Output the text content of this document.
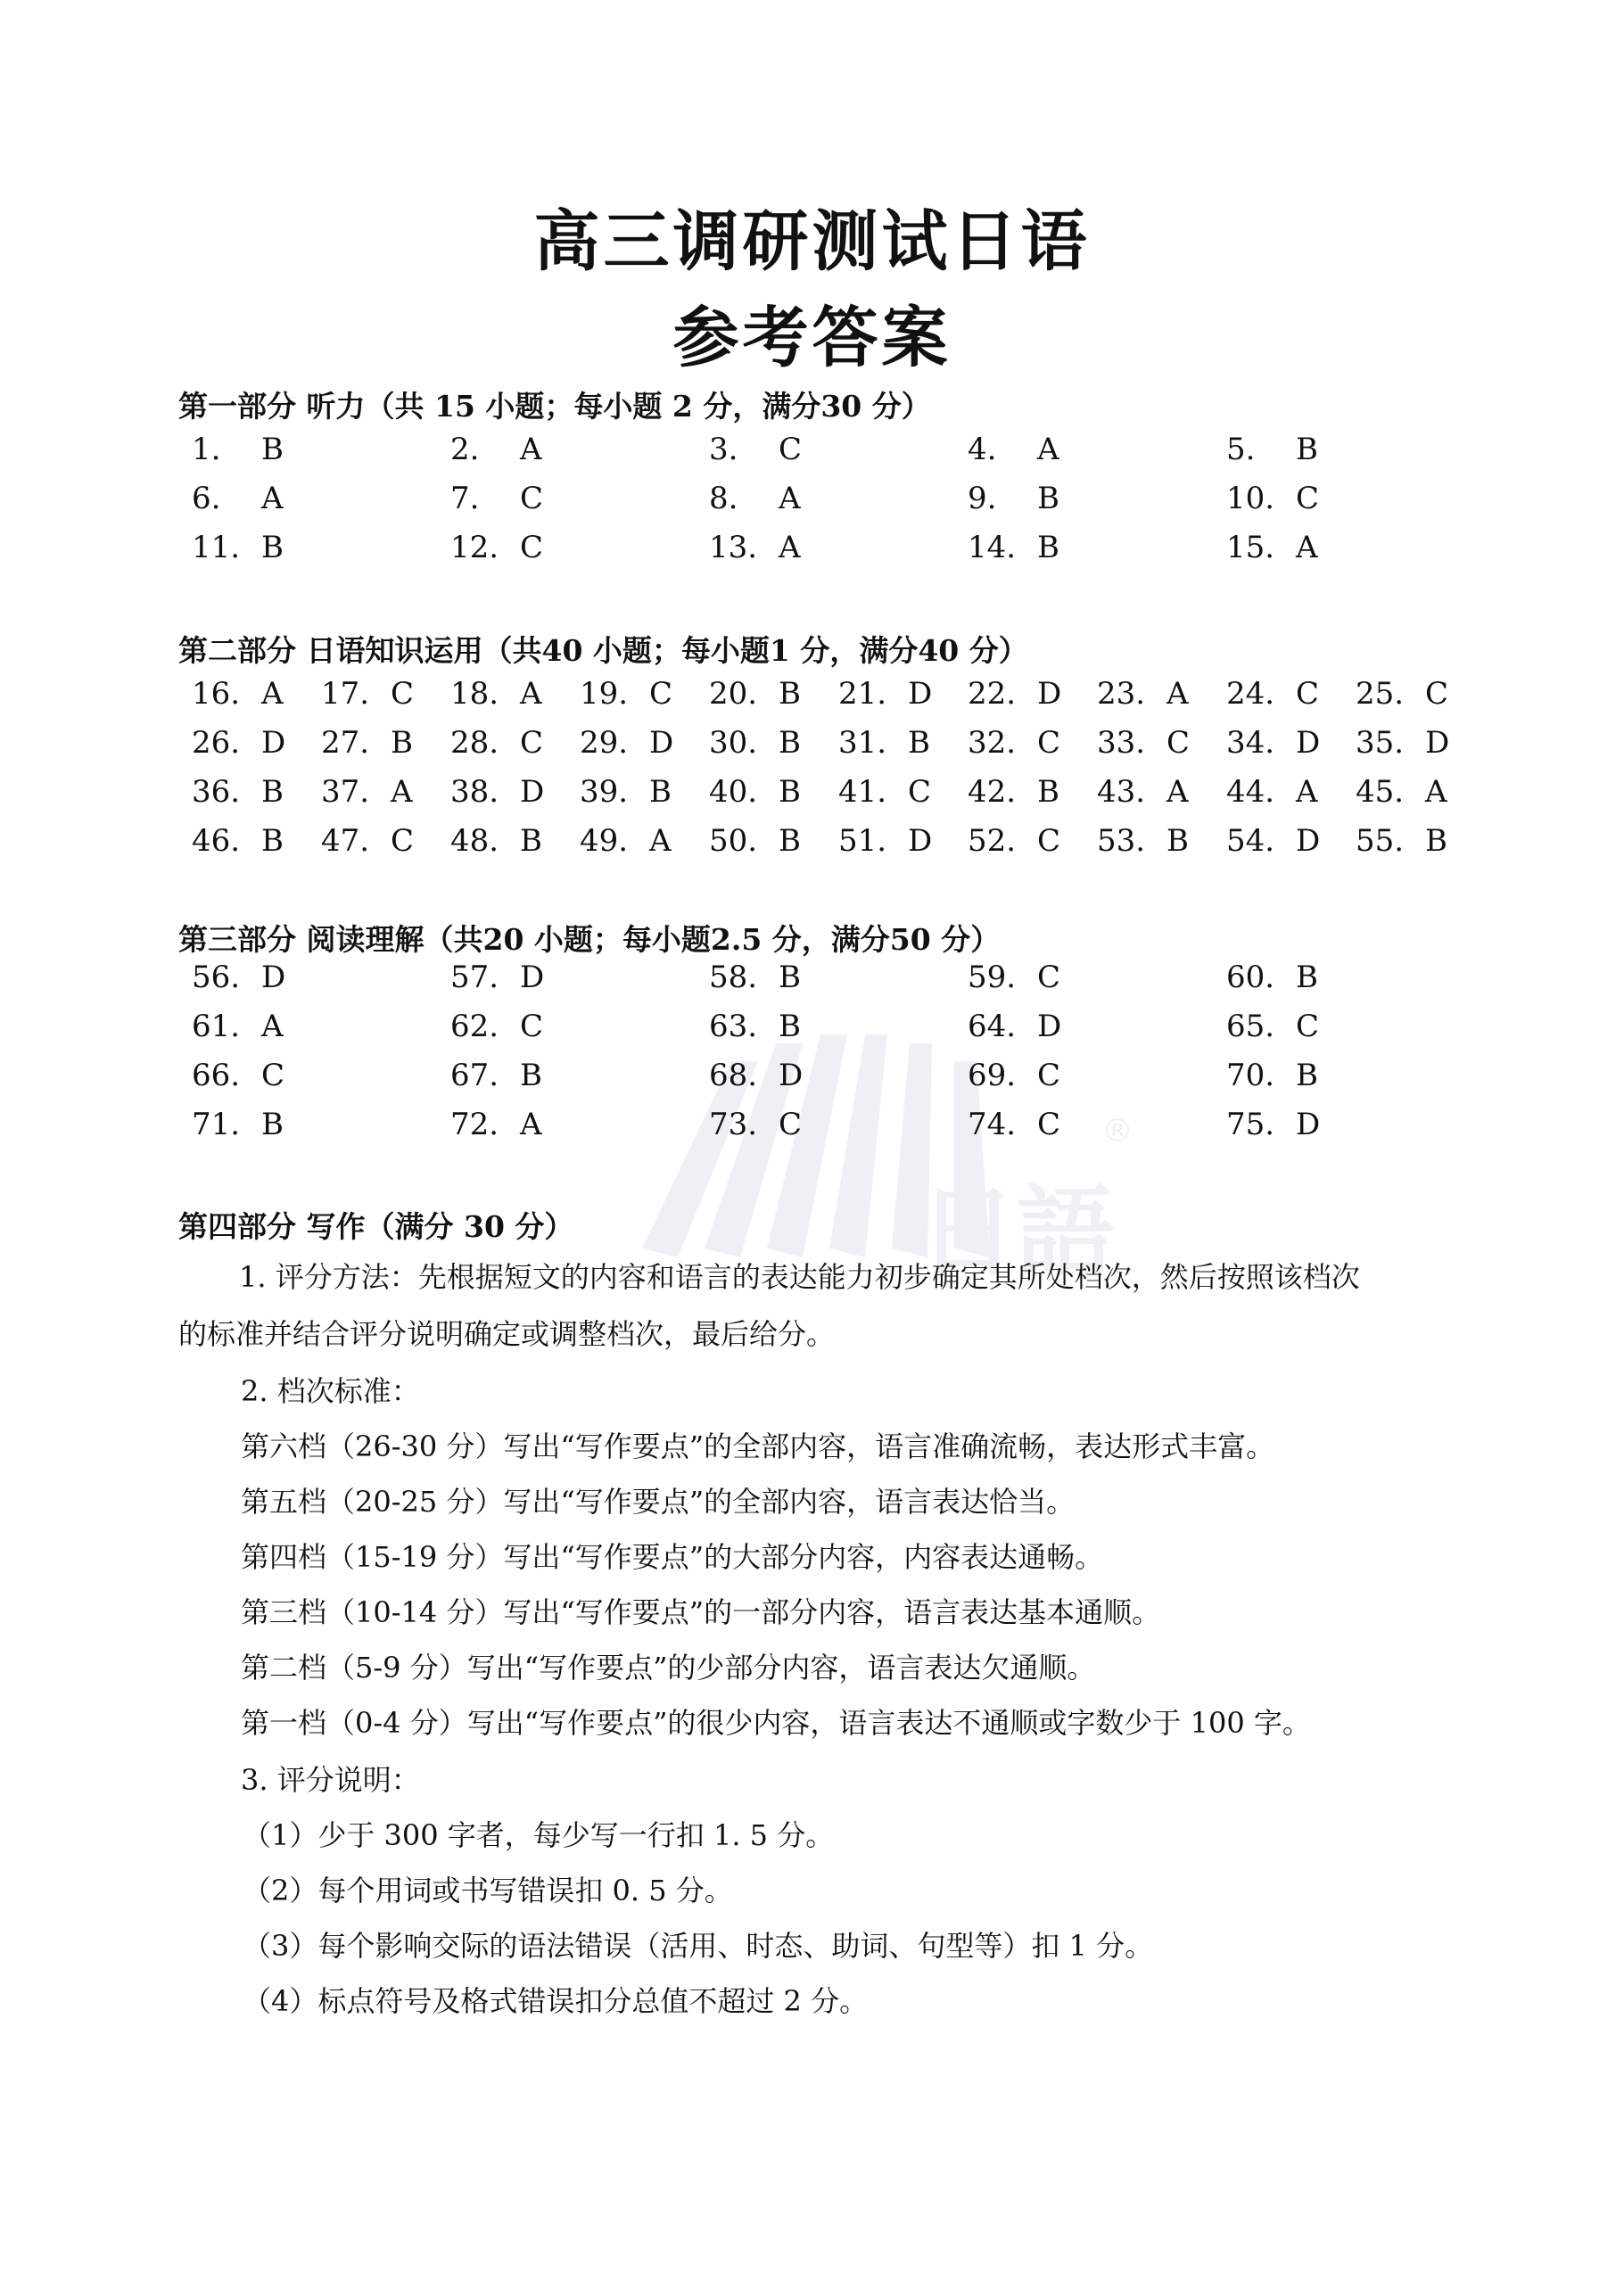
日語
®
高三调研测试日语
参考答案
第一部分 听力（共 15 小题；每小题 2 分，满分30 分）
1. B	2. A	3. C	4. A	5. B
6. A	7. C	8. A	9. B	10. C
11. B	12. C	13. A	14. B	15. A
第二部分 日语知识运用（共40 小题；每小题1 分，满分40 分）
16. A 17. C 18. A 19. C 20. B 21. D 22. D 23. A 24. C 25. C
26. D 27. B 28. C 29. D 30. B 31. B 32. C 33. C 34. D 35. D
36. B 37. A 38. D 39. B 40. B 41. C 42. B 43. A 44. A 45. A
46. B 47. C 48. B 49. A 50. B 51. D 52. C 53. B 54. D 55. B
第三部分 阅读理解（共20 小题；每小题2.5 分，满分50 分）
56. D	57. D	58. B	59. C	60. B
61. A	62. C	63. B	64. D	65. C
66. C	67. B	68. D	69. C	70. B
71. B	72. A	73. C	74. C	75. D
第四部分 写作（满分 30 分）
1. 评分方法：先根据短文的内容和语言的表达能力初步确定其所处档次，然后按照该档次
的标准并结合评分说明确定或调整档次，最后给分。
2. 档次标准：
第六档（26-30 分）写出“写作要点”的全部内容，语言准确流畅，表达形式丰富。
第五档（20-25 分）写出“写作要点”的全部内容，语言表达恰当。
第四档（15-19 分）写出“写作要点”的大部分内容，内容表达通畅。
第三档（10-14 分）写出“写作要点”的一部分内容，语言表达基本通顺。
第二档（5-9 分）写出“写作要点”的少部分内容，语言表达欠通顺。
第一档（0-4 分）写出“写作要点”的很少内容，语言表达不通顺或字数少于 100 字。
3. 评分说明：
（1）少于 300 字者，每少写一行扣 1. 5 分。
（2）每个用词或书写错误扣 0. 5 分。
（3）每个影响交际的语法错误（活用、时态、助词、句型等）扣 1 分。
（4）标点符号及格式错误扣分总值不超过 2 分。
